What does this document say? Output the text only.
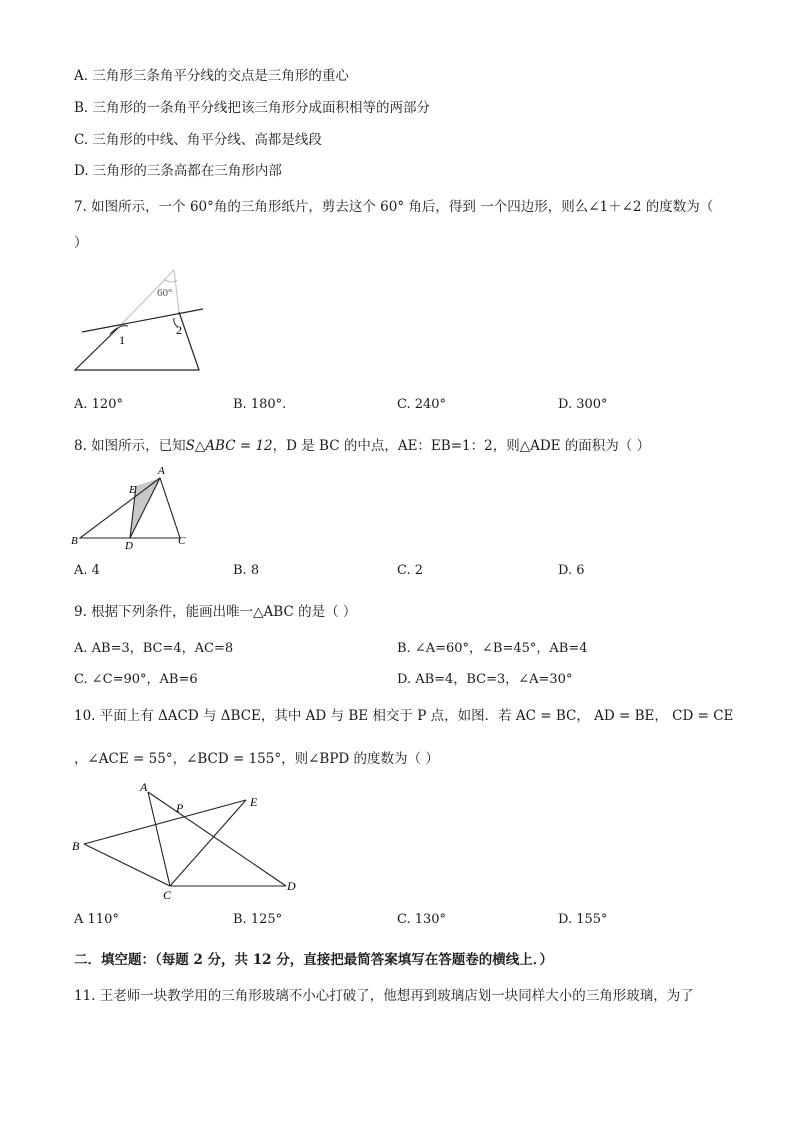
A. 三角形三条角平分线的交点是三角形的重心
B. 三角形的一条角平分线把该三角形分成面积相等的两部分
C. 三角形的中线、角平分线、高都是线段
D. 三角形的三条高都在三角形内部
7. 如图所示，一个 60°角的三角形纸片，剪去这个 60° 角后，得到 一个四边形，则么∠1＋∠2 的度数为（
）
60°
1
2
A. 120°	B. 180°.	C. 240°	D. 300°
8. 如图所示，已知S△ABC = 12，D 是 BC 的中点，AE：EB=1：2，则△ADE 的面积为（ ）
A
E
B	D	C
A. 4	B. 8	C. 2	D. 6
9. 根据下列条件，能画出唯一△ABC 的是（ ）
A. AB=3，BC=4，AC=8	B. ∠A=60°，∠B=45°，AB=4
C. ∠C=90°，AB=6	D. AB=4，BC=3，∠A=30°
10. 平面上有 ΔACD 与 ΔBCE，其中 AD 与 BE 相交于 P 点，如图．若 AC = BC， AD = BE， CD = CE
，∠ACE = 55°，∠BCD = 155°，则∠BPD 的度数为（ ）
A
P	E
B
C
D
A 110°	B. 125°	C. 130°	D. 155°
二．填空题：（每题 2 分，共 12 分，直接把最简答案填写在答题卷的横线上．）
11. 王老师一块教学用的三角形玻璃不小心打破了，他想再到玻璃店划一块同样大小的三角形玻璃，为了
